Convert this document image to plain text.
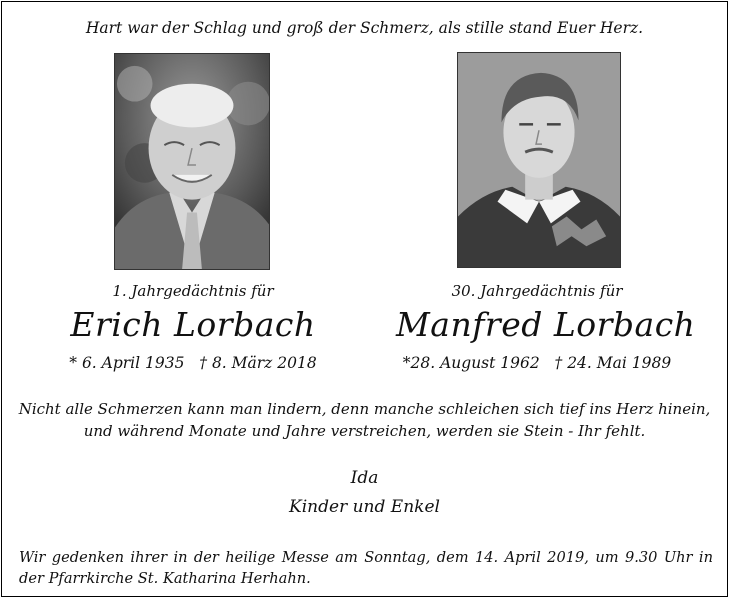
Hart war der Schlag und groß der Schmerz, als stille stand Euer Herz.
1. Jahrgedächtnis für	30. Jahrgedächtnis für
Erich Lorbach	Manfred Lorbach
* 6. April 1935 † 8. März 2018	*28. August 1962 † 24. Mai 1989
Nicht alle Schmerzen kann man lindern, denn manche schleichen sich tief ins Herz hinein,
und während Monate und Jahre verstreichen, werden sie Stein - Ihr fehlt.
Ida
Kinder und Enkel
Wir gedenken ihrer in der heilige Messe am Sonntag, dem 14. April 2019, um 9.30 Uhr in der Pfarrkirche St. Katharina Herhahn.
